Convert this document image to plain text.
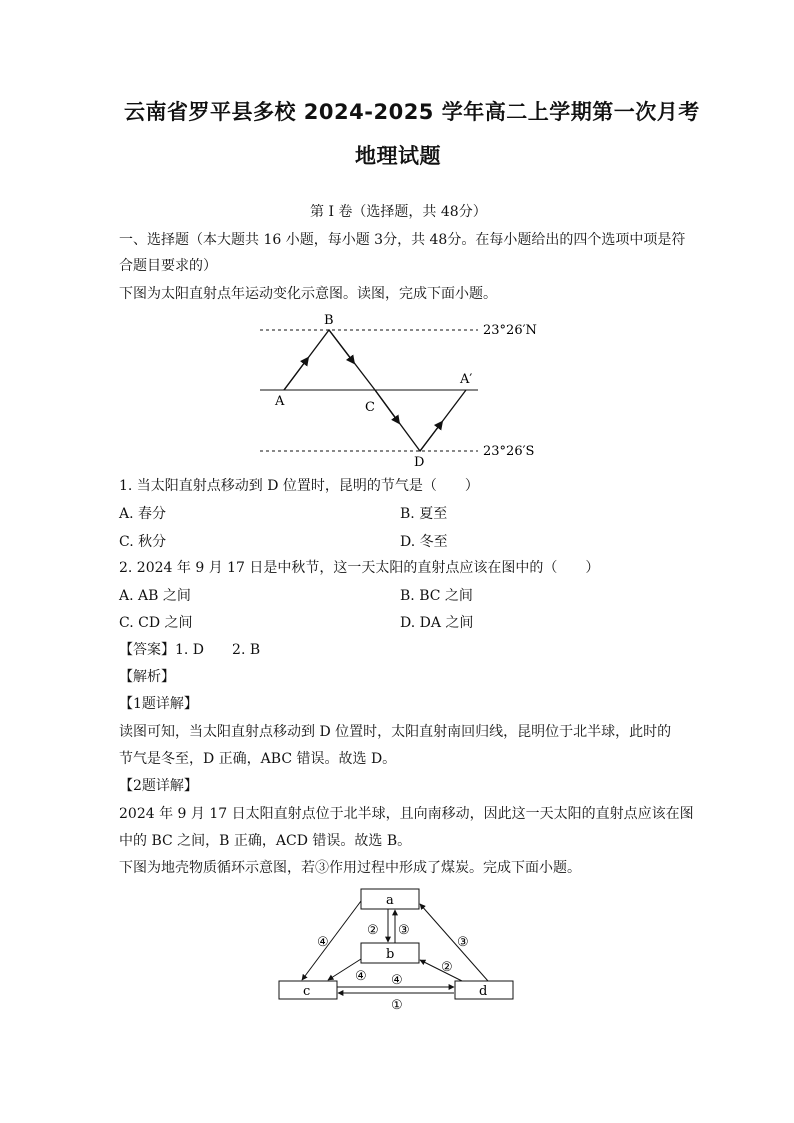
云南省罗平县多校 2024-2025 学年高二上学期第一次月考
地理试题
第 I 卷（选择题，共 48分）
一、选择题（本大题共 16 小题，每小题 3分，共 48分。在每小题给出的四个选项中项是符
合题目要求的）
下图为太阳直射点年运动变化示意图。读图，完成下面小题。
B
A
A′
C
D
23°26′N
23°26′S
1. 当太阳直射点移动到 D 位置时，昆明的节气是（　　）
A. 春分	B. 夏至
C. 秋分	D. 冬至
2. 2024 年 9 月 17 日是中秋节，这一天太阳的直射点应该在图中的（　　）
A. AB 之间	B. BC 之间
C. CD 之间	D. DA 之间
【答案】1. D　　2. B
【解析】
【1题详解】
读图可知，当太阳直射点移动到 D 位置时，太阳直射南回归线，昆明位于北半球，此时的
节气是冬至，D 正确，ABC 错误。故选 D。
【2题详解】
2024 年 9 月 17 日太阳直射点位于北半球，且向南移动，因此这一天太阳的直射点应该在图
中的 BC 之间，B 正确，ACD 错误。故选 B。
下图为地壳物质循环示意图，若③作用过程中形成了煤炭。完成下面小题。
a
b
c	d
② ③
④	③
④ ④
②
①
